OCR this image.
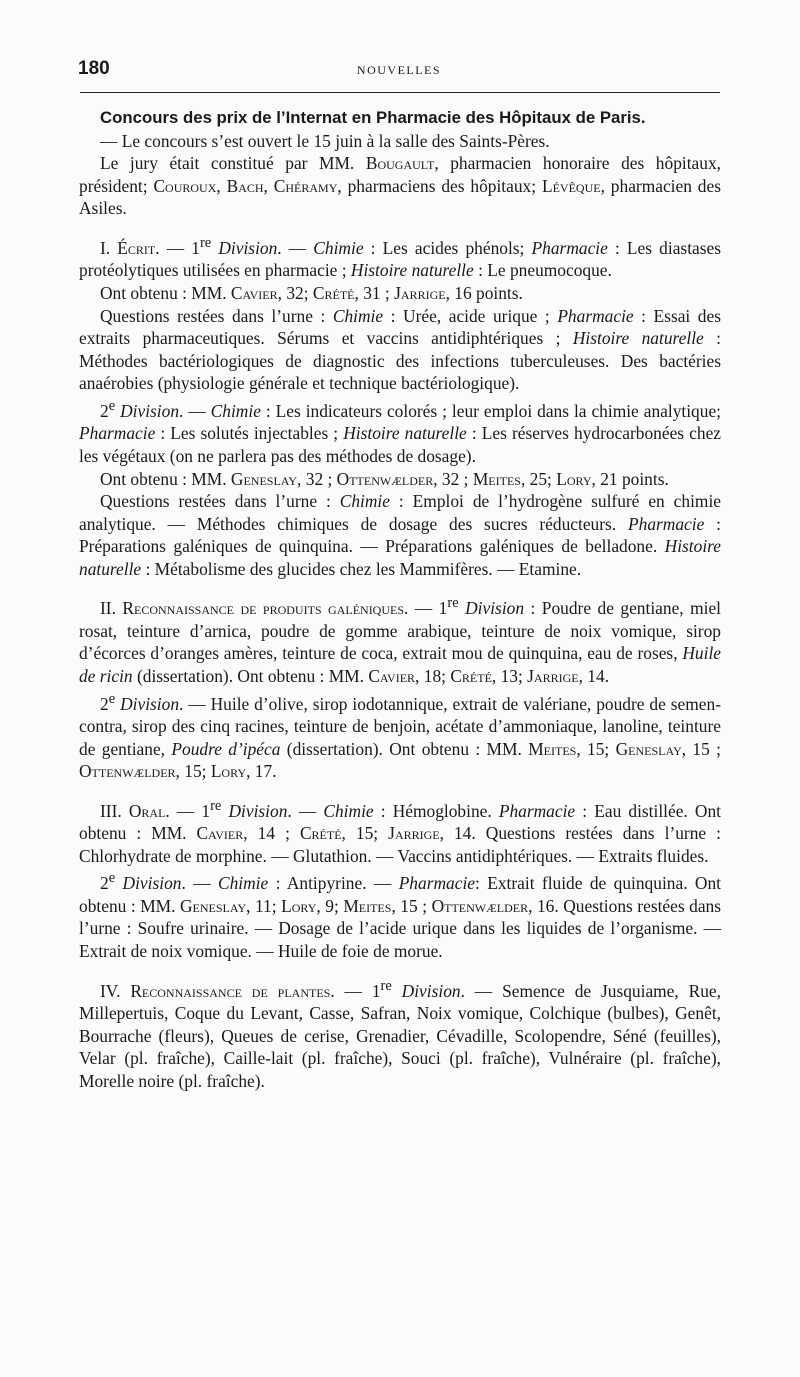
180	NOUVELLES

Concours des prix de l’Internat en Pharmacie des Hôpitaux de Paris.

— Le concours s’est ouvert le 15 juin à la salle des Saints-Pères.

Le jury était constitué par MM. Bougault, pharmacien honoraire des hôpitaux, président; Couroux, Bach, Chéramy, pharmaciens des hôpitaux; Lévêque, pharmacien des Asiles.

I. Écrit. — 1re Division. — Chimie : Les acides phénols; Pharmacie : Les diastases protéolytiques utilisées en pharmacie ; Histoire naturelle : Le pneumocoque.

Ont obtenu : MM. Cavier, 32; Crété, 31 ; Jarrige, 16 points.

Questions restées dans l’urne : Chimie : Urée, acide urique ; Pharmacie : Essai des extraits pharmaceutiques. Sérums et vaccins antidiphtériques ; Histoire naturelle : Méthodes bactériologiques de diagnostic des infections tuberculeuses. Des bactéries anaérobies (physiologie générale et technique bactériologique).

2e Division. — Chimie : Les indicateurs colorés ; leur emploi dans la chimie analytique; Pharmacie : Les solutés injectables ; Histoire naturelle : Les réserves hydrocarbonées chez les végétaux (on ne parlera pas des méthodes de dosage).

Ont obtenu : MM. Geneslay, 32 ; Ottenwælder, 32 ; Meites, 25; Lory, 21 points.

Questions restées dans l’urne : Chimie : Emploi de l’hydrogène sulfuré en chimie analytique. — Méthodes chimiques de dosage des sucres réducteurs. Pharmacie : Préparations galéniques de quinquina. — Préparations galéniques de belladone. Histoire naturelle : Métabolisme des glucides chez les Mammifères. — Etamine.

II. Reconnaissance de produits galéniques. — 1re Division : Poudre de gentiane, miel rosat, teinture d’arnica, poudre de gomme arabique, teinture de noix vomique, sirop d’écorces d’oranges amères, teinture de coca, extrait mou de quinquina, eau de roses, Huile de ricin (dissertation). Ont obtenu : MM. Cavier, 18; Crété, 13; Jarrige, 14.

2e Division. — Huile d’olive, sirop iodotannique, extrait de valériane, poudre de semen-contra, sirop des cinq racines, teinture de benjoin, acétate d’ammoniaque, lanoline, teinture de gentiane, Poudre d’ipéca (dissertation). Ont obtenu : MM. Meites, 15; Geneslay, 15 ; Ottenwælder, 15; Lory, 17.

III. Oral. — 1re Division. — Chimie : Hémoglobine. Pharmacie : Eau distillée. Ont obtenu : MM. Cavier, 14 ; Crété, 15; Jarrige, 14. Questions restées dans l’urne : Chlorhydrate de morphine. — Glutathion. — Vaccins antidiphtériques. — Extraits fluides.

2e Division. — Chimie : Antipyrine. — Pharmacie: Extrait fluide de quinquina. Ont obtenu : MM. Geneslay, 11; Lory, 9; Meites, 15 ; Ottenwælder, 16. Questions restées dans l’urne : Soufre urinaire. — Dosage de l’acide urique dans les liquides de l’organisme. — Extrait de noix vomique. — Huile de foie de morue.

IV. Reconnaissance de plantes. — 1re Division. — Semence de Jusquiame, Rue, Millepertuis, Coque du Levant, Casse, Safran, Noix vomique, Colchique (bulbes), Genêt, Bourrache (fleurs), Queues de cerise, Grenadier, Cévadille, Scolopendre, Séné (feuilles), Velar (pl. fraîche), Caille-lait (pl. fraîche), Souci (pl. fraîche), Vulnéraire (pl. fraîche), Morelle noire (pl. fraîche).
